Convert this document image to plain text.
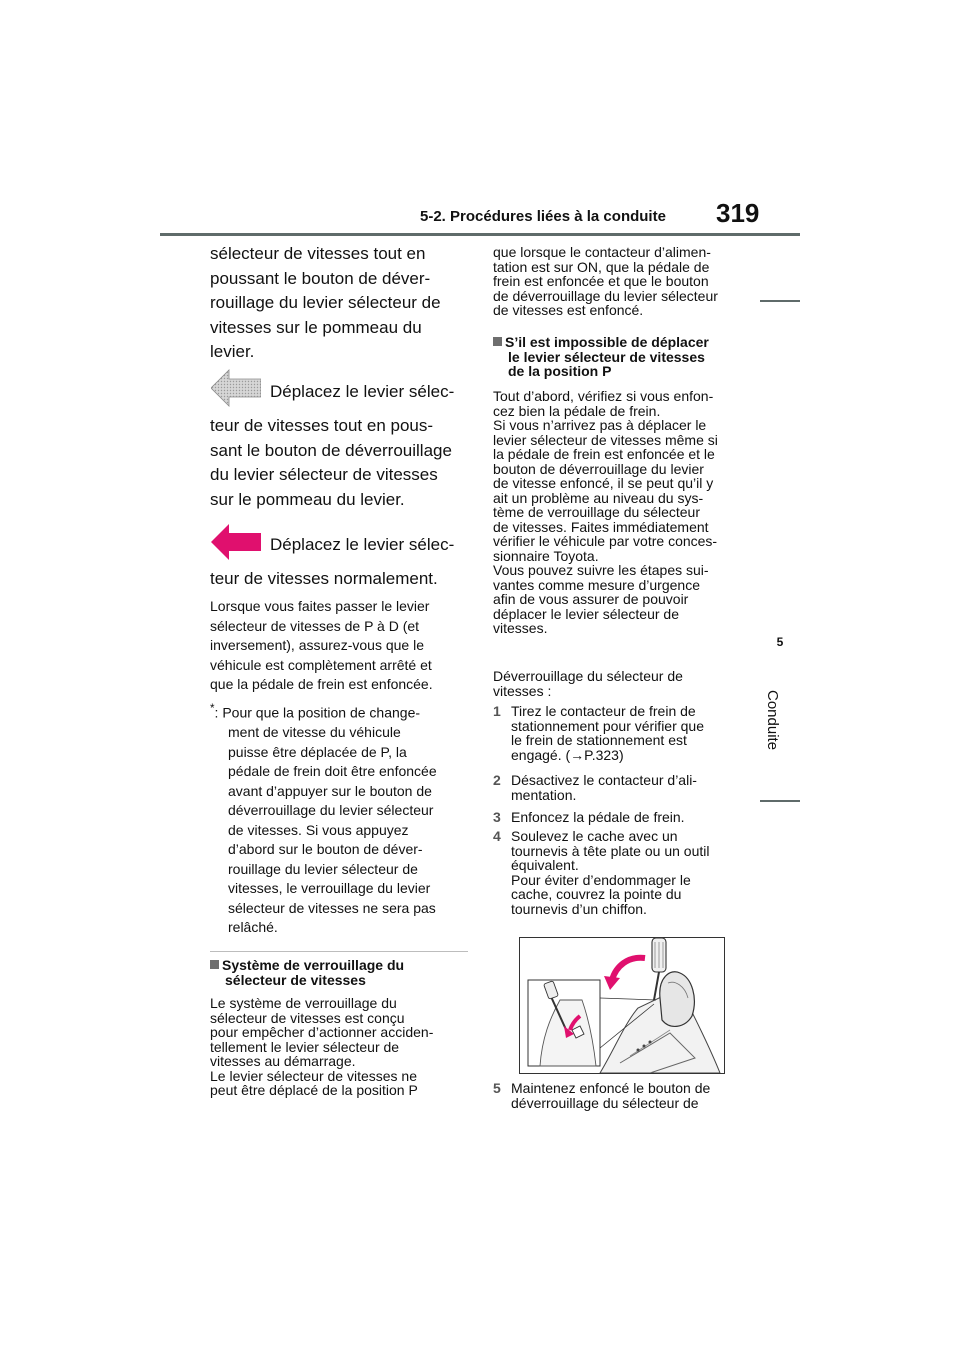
5-2. Procédures liées à la conduite 319
5
Conduite
sélecteur de vitesses tout en
poussant le bouton de déver-
rouillage du levier sélecteur de
vitesses sur le pommeau du
levier.
Déplacez le levier sélec-
teur de vitesses tout en pous-
sant le bouton de déverrouillage
du levier sélecteur de vitesses
sur le pommeau du levier.
Déplacez le levier sélec-
teur de vitesses normalement.
Lorsque vous faites passer le levier
sélecteur de vitesses de P à D (et
inversement), assurez-vous que le
véhicule est complètement arrêté et
que la pédale de frein est enfoncée.
*: Pour que la position de change-
ment de vitesse du véhicule
puisse être déplacée de P, la
pédale de frein doit être enfoncée
avant d’appuyer sur le bouton de
déverrouillage du levier sélecteur
de vitesses. Si vous appuyez
d’abord sur le bouton de déver-
rouillage du levier sélecteur de
vitesses, le verrouillage du levier
sélecteur de vitesses ne sera pas
relâché.
Système de verrouillage du
sélecteur de vitesses
Le système de verrouillage du
sélecteur de vitesses est conçu
pour empêcher d’actionner acciden-
tellement le levier sélecteur de
vitesses au démarrage.
Le levier sélecteur de vitesses ne
peut être déplacé de la position P
que lorsque le contacteur d’alimen-
tation est sur ON, que la pédale de
frein est enfoncée et que le bouton
de déverrouillage du levier sélecteur
de vitesses est enfoncé.
S’il est impossible de déplacer
le levier sélecteur de vitesses
de la position P
Tout d’abord, vérifiez si vous enfon-
cez bien la pédale de frein.
Si vous n’arrivez pas à déplacer le
levier sélecteur de vitesses même si
la pédale de frein est enfoncée et le
bouton de déverrouillage du levier
de vitesse enfoncé, il se peut qu’il y
ait un problème au niveau du sys-
tème de verrouillage du sélecteur
de vitesses. Faites immédiatement
vérifier le véhicule par votre conces-
sionnaire Toyota.
Vous pouvez suivre les étapes sui-
vantes comme mesure d’urgence
afin de vous assurer de pouvoir
déplacer le levier sélecteur de
vitesses.
Déverrouillage du sélecteur de
vitesses :
1 Tirez le contacteur de frein de
stationnement pour vérifier que
le frein de stationnement est
engagé. (→P.323)
2 Désactivez le contacteur d’ali-
mentation.
3 Enfoncez la pédale de frein.
4 Soulevez le cache avec un
tournevis à tête plate ou un outil
équivalent.
Pour éviter d’endommager le
cache, couvrez la pointe du
tournevis d’un chiffon.
5 Maintenez enfoncé le bouton de
déverrouillage du sélecteur de
